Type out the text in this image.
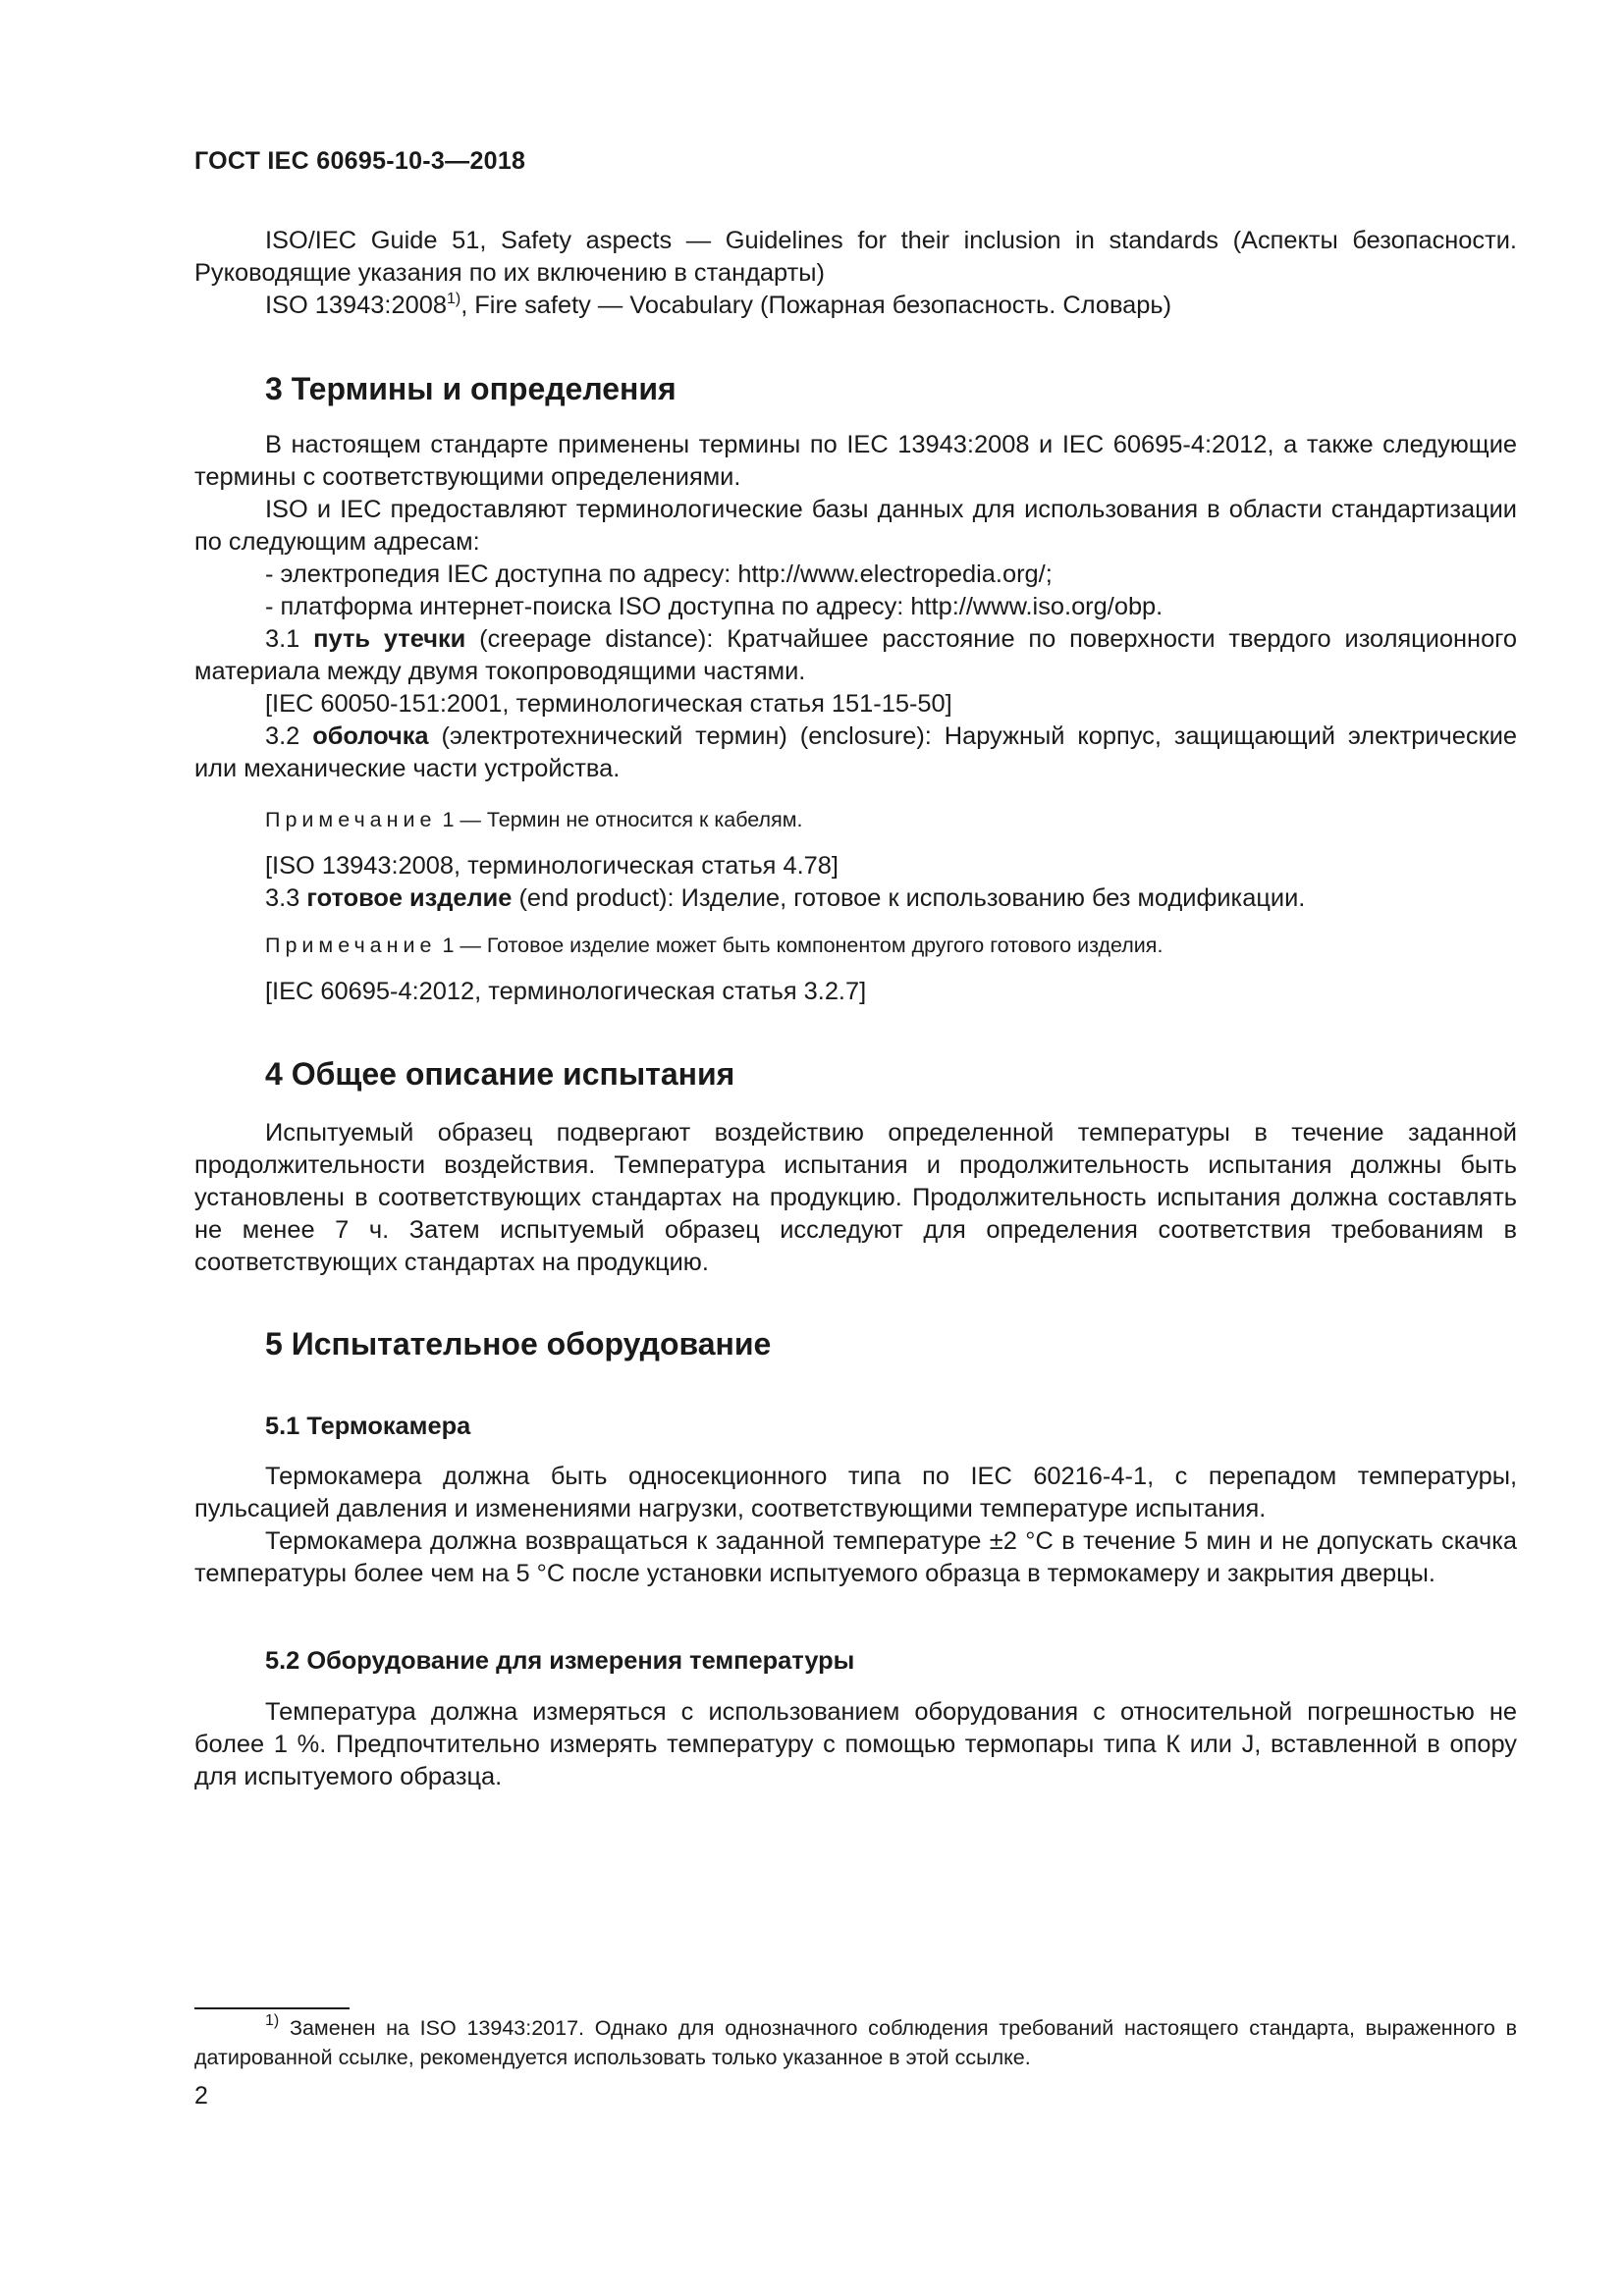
ГОСТ IEC 60695-10-3—2018

ISO/IEC Guide 51, Safety aspects — Guidelines for their inclusion in standards (Аспекты безопасности. Руководящие указания по их включению в стандарты)

ISO 13943:2008$^{1)}$, Fire safety — Vocabulary (Пожарная безопасность. Словарь)

3 Термины и определения

В настоящем стандарте применены термины по IEC 13943:2008 и IEC 60695-4:2012, а также следующие термины с соответствующими определениями.

ISO и IEC предоставляют терминологические базы данных для использования в области стандартизации по следующим адресам:

- электропедия IEC доступна по адресу: http://www.electropedia.org/;

- платформа интернет-поиска ISO доступна по адресу: http://www.iso.org/obp.

3.1 путь утечки (creepage distance): Кратчайшее расстояние по поверхности твердого изоляционного материала между двумя токопроводящими частями.

[IEC 60050-151:2001, терминологическая статья 151-15-50]

3.2 оболочка (электротехнический термин) (enclosure): Наружный корпус, защищающий электрические или механические части устройства.

Примечание 1 — Термин не относится к кабелям.

[ISO 13943:2008, терминологическая статья 4.78]

3.3 готовое изделие (end product): Изделие, готовое к использованию без модификации.

Примечание 1 — Готовое изделие может быть компонентом другого готового изделия.

[IEC 60695-4:2012, терминологическая статья 3.2.7]

4 Общее описание испытания

Испытуемый образец подвергают воздействию определенной температуры в течение заданной продолжительности воздействия. Температура испытания и продолжительность испытания должны быть установлены в соответствующих стандартах на продукцию. Продолжительность испытания должна составлять не менее 7 ч. Затем испытуемый образец исследуют для определения соответствия требованиям в соответствующих стандартах на продукцию.

5 Испытательное оборудование
5.1 Термокамера

Термокамера должна быть односекционного типа по IEC 60216-4-1, с перепадом температуры, пульсацией давления и изменениями нагрузки, соответствующими температуре испытания.

Термокамера должна возвращаться к заданной температуре ±2 °C в течение 5 мин и не допускать скачка температуры более чем на 5 °C после установки испытуемого образца в термокамеру и закрытия дверцы.

5.2 Оборудование для измерения температуры

Температура должна измеряться с использованием оборудования с относительной погрешностью не более 1 %. Предпочтительно измерять температуру с помощью термопары типа К или J, вставленной в опору для испытуемого образца.

$^{1)}$ Заменен на ISO 13943:2017. Однако для однозначного соблюдения требований настоящего стандарта, выраженного в датированной ссылке, рекомендуется использовать только указанное в этой ссылке.

2
